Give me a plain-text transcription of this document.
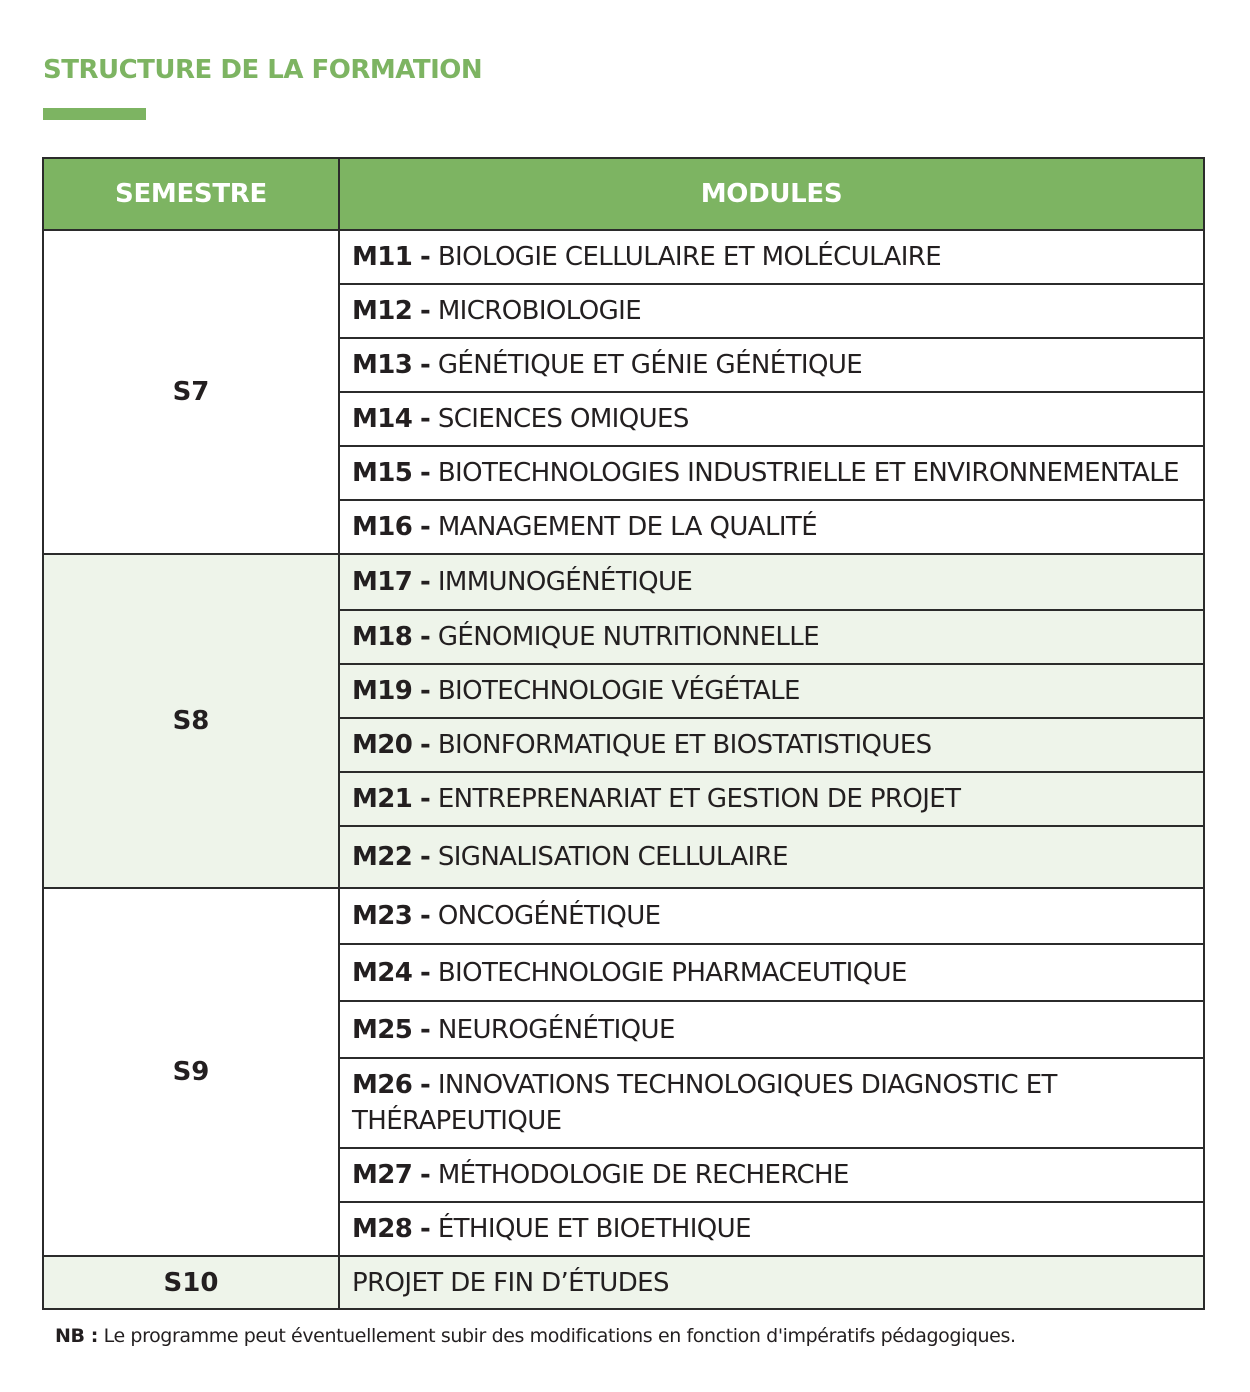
STRUCTURE DE LA FORMATION
SEMESTRE	MODULES
S7	M11 - BIOLOGIE CELLULAIRE ET MOLÉCULAIRE
	M12 - MICROBIOLOGIE
	M13 - GÉNÉTIQUE ET GÉNIE GÉNÉTIQUE
	M14 - SCIENCES OMIQUES
	M15 - BIOTECHNOLOGIES INDUSTRIELLE ET ENVIRONNEMENTALE
	M16 - MANAGEMENT DE LA QUALITÉ
S8	M17 - IMMUNOGÉNÉTIQUE
	M18 - GÉNOMIQUE NUTRITIONNELLE
	M19 - BIOTECHNOLOGIE VÉGÉTALE
	M20 - BIONFORMATIQUE ET BIOSTATISTIQUES
	M21 - ENTREPRENARIAT ET GESTION DE PROJET
	M22 - SIGNALISATION CELLULAIRE
S9	M23 - ONCOGÉNÉTIQUE
	M24 - BIOTECHNOLOGIE PHARMACEUTIQUE
	M25 - NEUROGÉNÉTIQUE
	M26 - INNOVATIONS TECHNOLOGIQUES DIAGNOSTIC ET THÉRAPEUTIQUE
	M27 - MÉTHODOLOGIE DE RECHERCHE
	M28 - ÉTHIQUE ET BIOETHIQUE
S10	PROJET DE FIN D’ÉTUDES

NB : Le programme peut éventuellement subir des modifications en fonction d'impératifs pédagogiques.
